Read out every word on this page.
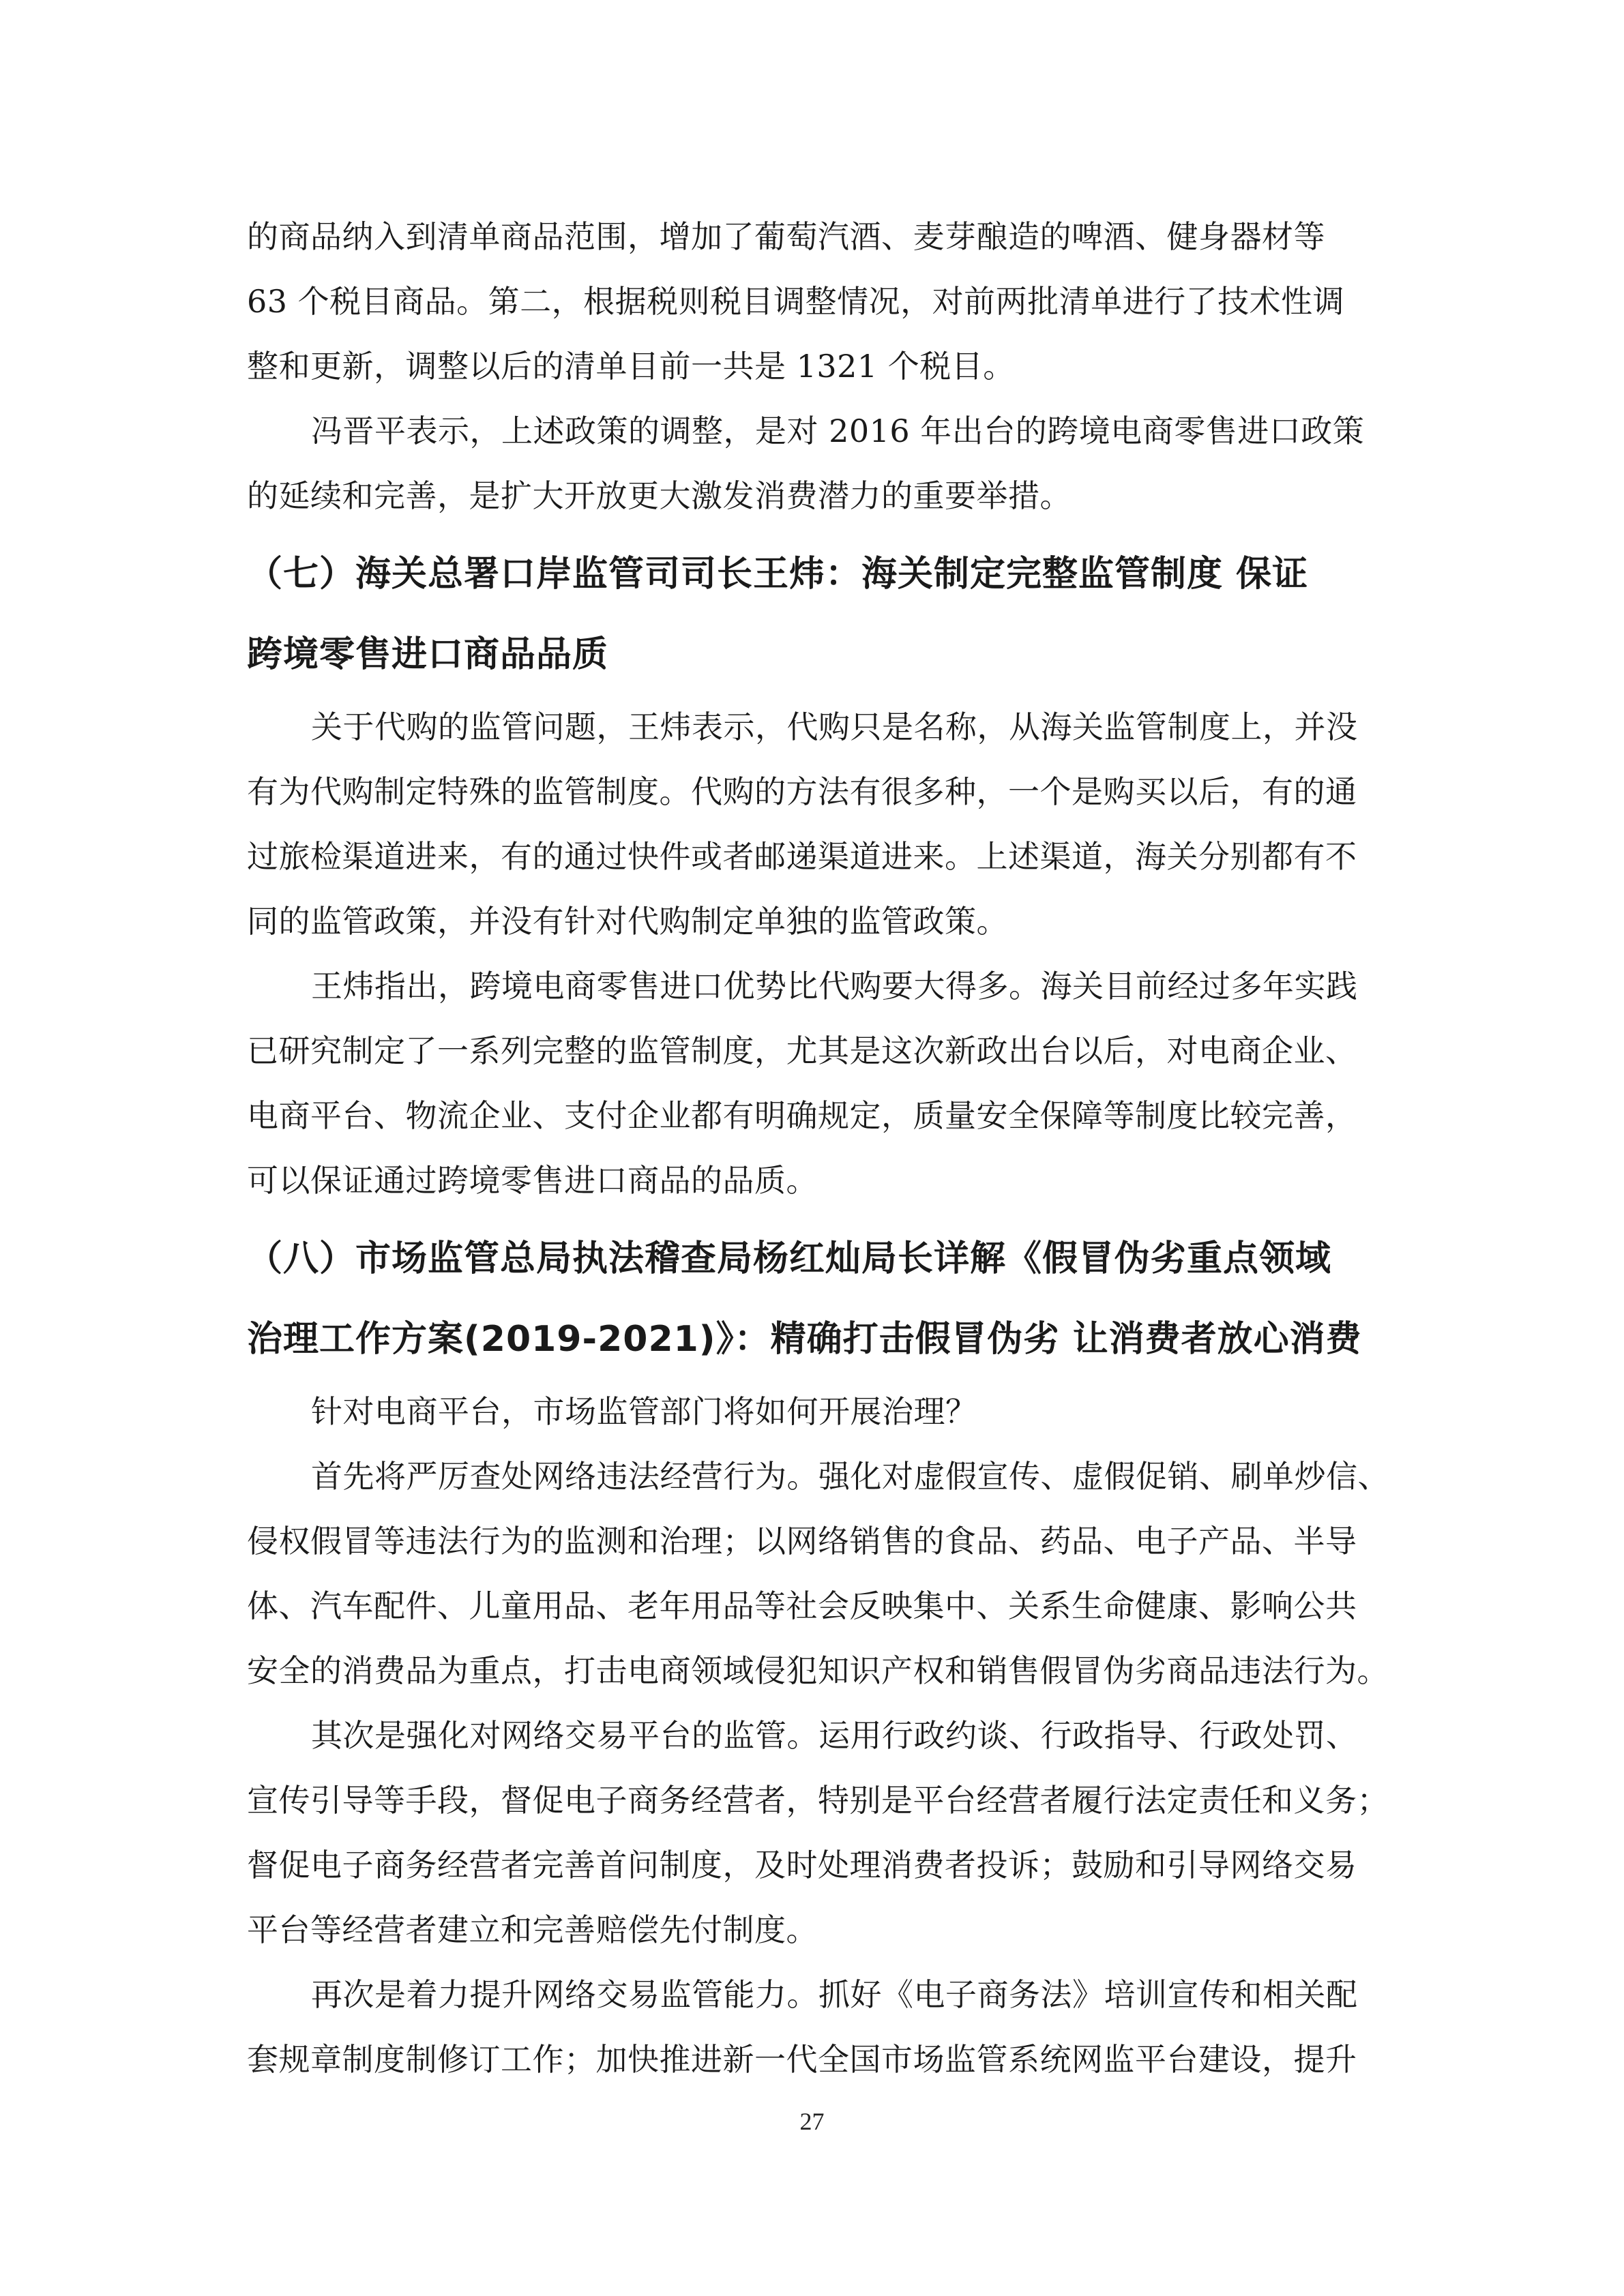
的商品纳入到清单商品范围，增加了葡萄汽酒、麦芽酿造的啤酒、健身器材等
63 个税目商品。第二，根据税则税目调整情况，对前两批清单进行了技术性调
整和更新，调整以后的清单目前一共是 1321 个税目。
冯晋平表示，上述政策的调整，是对 2016 年出台的跨境电商零售进口政策
的延续和完善，是扩大开放更大激发消费潜力的重要举措。
（七）海关总署口岸监管司司长王炜：海关制定完整监管制度 保证
跨境零售进口商品品质
关于代购的监管问题，王炜表示，代购只是名称，从海关监管制度上，并没
有为代购制定特殊的监管制度。代购的方法有很多种，一个是购买以后，有的通
过旅检渠道进来，有的通过快件或者邮递渠道进来。上述渠道，海关分别都有不
同的监管政策，并没有针对代购制定单独的监管政策。
王炜指出，跨境电商零售进口优势比代购要大得多。海关目前经过多年实践
已研究制定了一系列完整的监管制度，尤其是这次新政出台以后，对电商企业、
电商平台、物流企业、支付企业都有明确规定，质量安全保障等制度比较完善，
可以保证通过跨境零售进口商品的品质。
（八）市场监管总局执法稽查局杨红灿局长详解《假冒伪劣重点领域
治理工作方案(2019-2021)》：精确打击假冒伪劣 让消费者放心消费
针对电商平台，市场监管部门将如何开展治理？
首先将严厉查处网络违法经营行为。强化对虚假宣传、虚假促销、刷单炒信、
侵权假冒等违法行为的监测和治理；以网络销售的食品、药品、电子产品、半导
体、汽车配件、儿童用品、老年用品等社会反映集中、关系生命健康、影响公共
安全的消费品为重点，打击电商领域侵犯知识产权和销售假冒伪劣商品违法行为。
其次是强化对网络交易平台的监管。运用行政约谈、行政指导、行政处罚、
宣传引导等手段，督促电子商务经营者，特别是平台经营者履行法定责任和义务；
督促电子商务经营者完善首问制度，及时处理消费者投诉；鼓励和引导网络交易
平台等经营者建立和完善赔偿先付制度。
再次是着力提升网络交易监管能力。抓好《电子商务法》培训宣传和相关配
套规章制度制修订工作；加快推进新一代全国市场监管系统网监平台建设，提升
27
